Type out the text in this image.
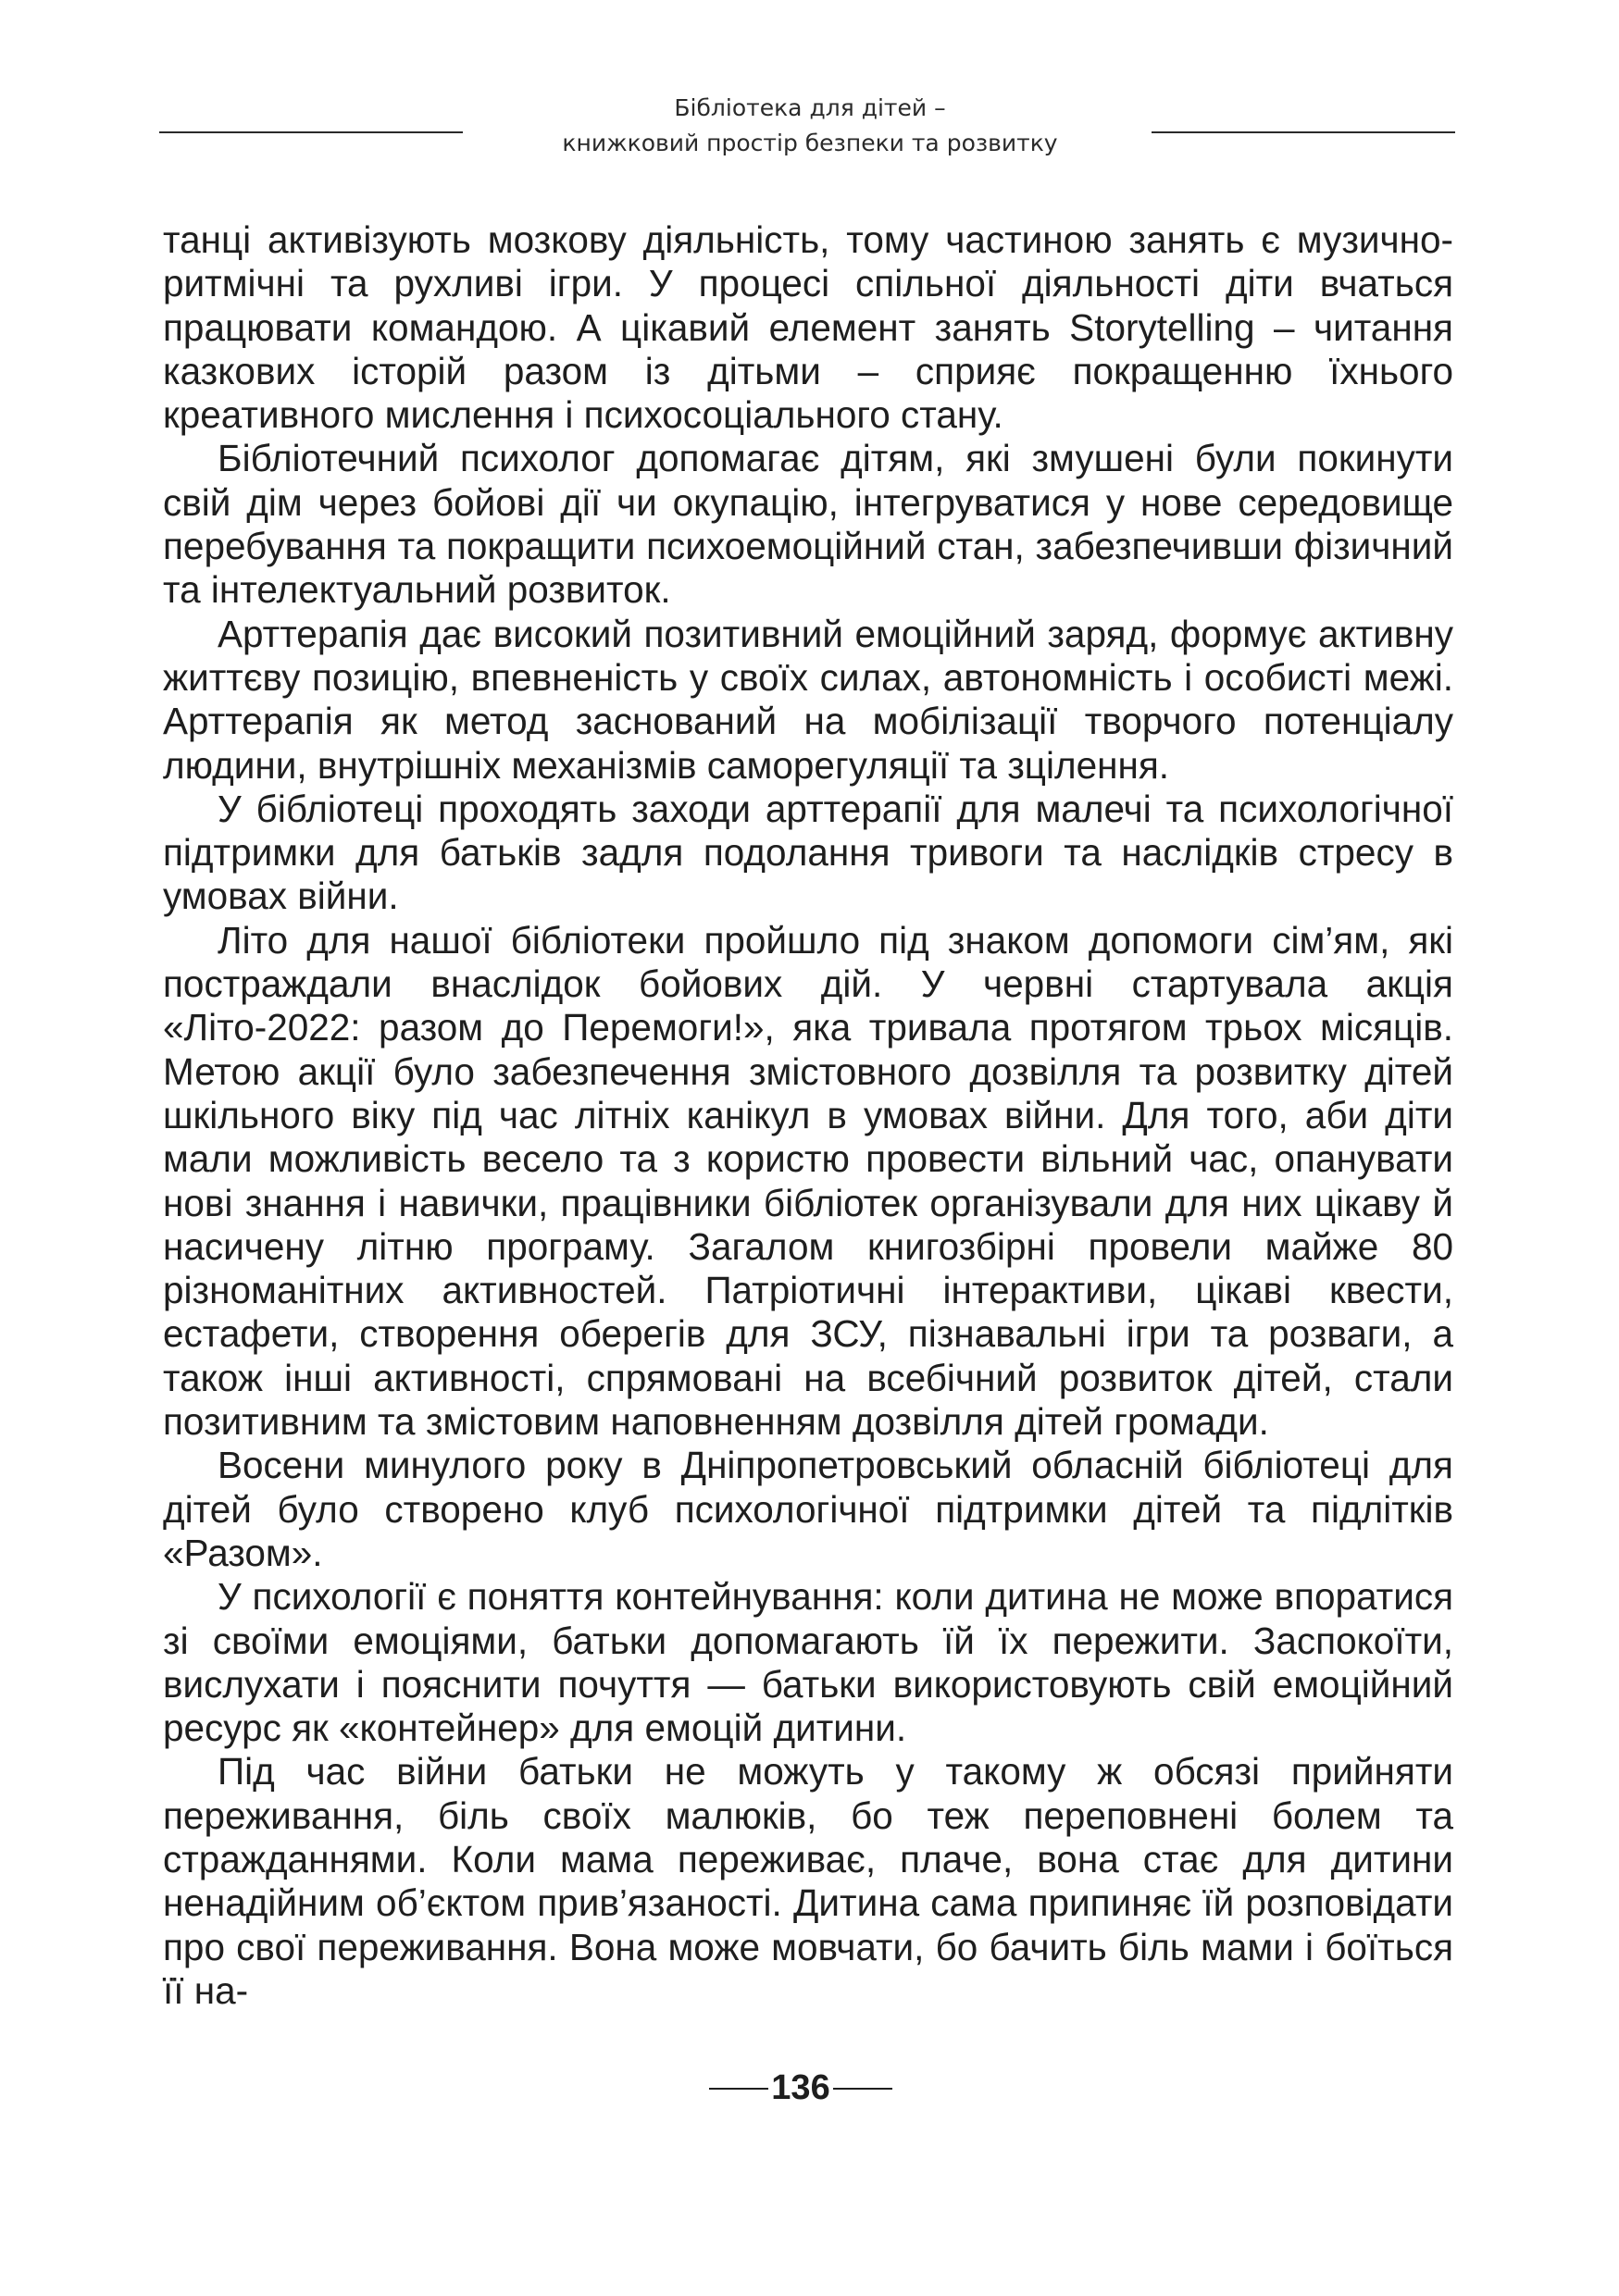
Бібліотека для дітей –
книжковий простір безпеки та розвитку

танці активізують мозкову діяльність, тому частиною занять є музично-ритмічні та рухливі ігри. У процесі спільної діяльності діти вчаться працювати командою. А цікавий елемент занять Storytelling – читання казкових історій разом із дітьми – сприяє покращенню їхнього креативного мислення і психосоціального стану.

Бібліотечний психолог допомагає дітям, які змушені були покинути свій дім через бойові дії чи окупацію, інтегруватися у нове середовище перебування та покращити психоемоційний стан, забезпечивши фізичний та інтелектуальний розвиток.

Арттерапія дає високий позитивний емоційний заряд, формує активну життєву позицію, впевненість у своїх силах, автономність і особисті межі. Арттерапія як метод заснований на мобілізації творчого потенціалу людини, внутрішніх механізмів саморегуляції та зцілення.

У бібліотеці проходять заходи арттерапії для малечі та психологічної підтримки для батьків задля подолання тривоги та наслідків стресу в умовах війни.

Літо для нашої бібліотеки пройшло під знаком допомоги сім’ям, які постраждали внаслідок бойових дій. У червні стартувала акція «Літо-2022: разом до Перемоги!», яка тривала протягом трьох місяців. Метою акції було забезпечення змістовного дозвілля та розвитку дітей шкільного віку під час літніх канікул в умовах війни. Для того, аби діти мали можливість весело та з користю провести вільний час, опанувати нові знання і навички, працівники бібліотек організували для них цікаву й насичену літню програму. Загалом книгозбірні провели майже 80 різноманітних активностей. Патріотичні інтерактиви, цікаві квести, естафети, створення оберегів для ЗСУ, пізнавальні ігри та розваги, а також інші активності, спрямовані на всебічний розвиток дітей, стали позитивним та змістовим наповненням дозвілля дітей громади.

Восени минулого року в Дніпропетровський обласній бібліотеці для дітей було створено клуб психологічної підтримки дітей та підлітків «Разом».

У психології є поняття контейнування: коли дитина не може впоратися зі своїми емоціями, батьки допомагають їй їх пережити. Заспокоїти, вислухати і пояснити почуття — батьки використовують свій емоційний ресурс як «контейнер» для емоцій дитини.

Під час війни батьки не можуть у такому ж обсязі прийняти переживання, біль своїх малюків, бо теж переповнені болем та стражданнями. Коли мама переживає, плаче, вона стає для дитини ненадійним об’єктом прив’язаності. Дитина сама припиняє їй розповідати про свої переживання. Вона може мовчати, бо бачить біль мами і боїться її на-

136
